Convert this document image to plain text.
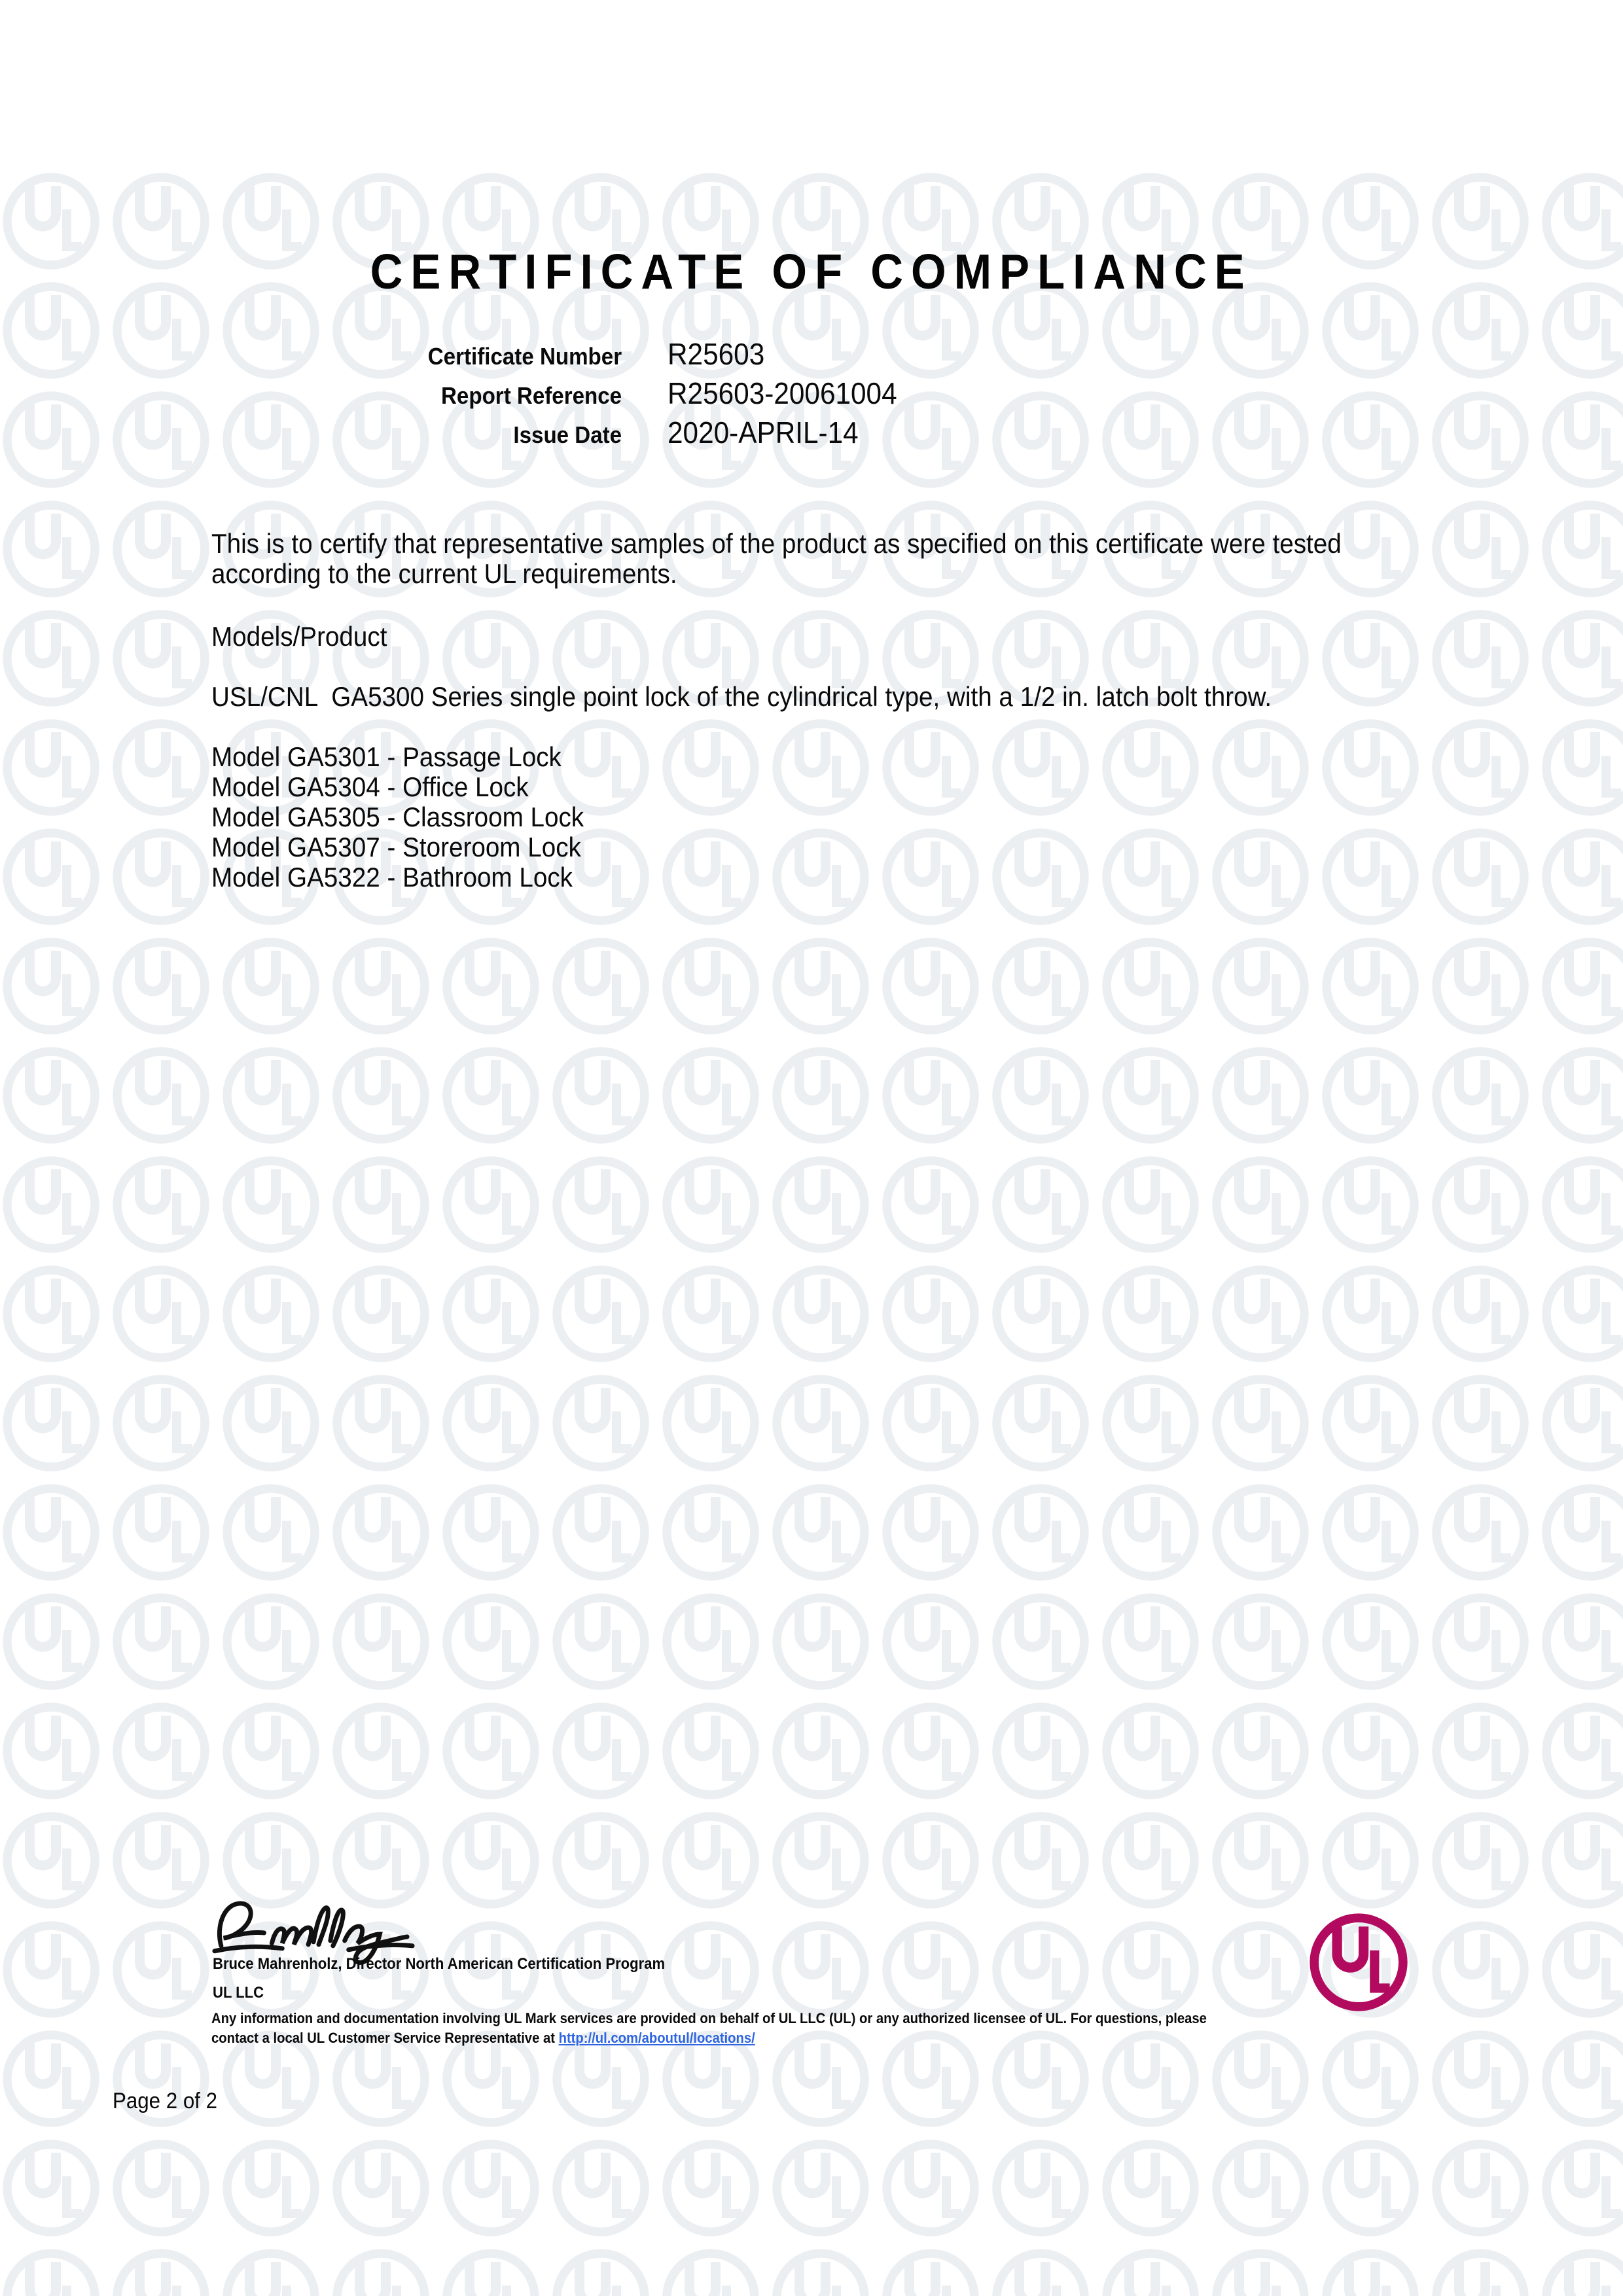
CERTIFICATE OF COMPLIANCE
Certificate Number R25603
Report Reference R25603-20061004
Issue Date 2020-APRIL-14
This is to certify that representative samples of the product as specified on this certificate were tested
according to the current UL requirements.
Models/Product
USL/CNL  GA5300 Series single point lock of the cylindrical type, with a 1/2 in. latch bolt throw.
Model GA5301 - Passage Lock
Model GA5304 - Office Lock
Model GA5305 - Classroom Lock
Model GA5307 - Storeroom Lock
Model GA5322 - Bathroom Lock
Bruce Mahrenholz, Director North American Certification Program
UL LLC
Any information and documentation involving UL Mark services are provided on behalf of UL LLC (UL) or any authorized licensee of UL. For questions, please
contact a local UL Customer Service Representative at http://ul.com/aboutul/locations/
Page 2 of 2
